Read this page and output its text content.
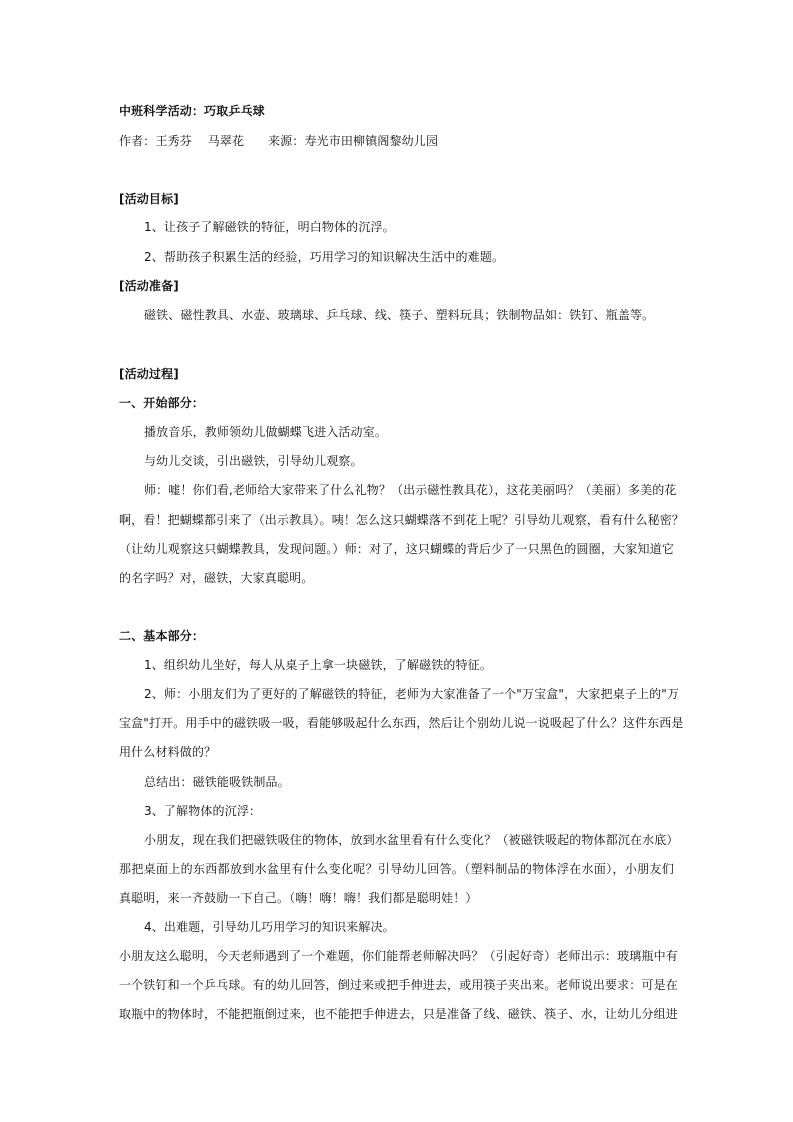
中班科学活动：巧取乒乓球
作者：王秀芬    马翠花      来源：寿光市田柳镇阁黎幼儿园
[活动目标]
1、让孩子了解磁铁的特征，明白物体的沉浮。
2、帮助孩子积累生活的经验，巧用学习的知识解决生活中的难题。
[活动准备]
磁铁、磁性教具、水壶、玻璃球、乒乓球、线、筷子、塑料玩具；铁制物品如：铁钉、瓶盖等。
[活动过程]
一、开始部分：
播放音乐，教师领幼儿做蝴蝶飞进入活动室。
与幼儿交谈，引出磁铁，引导幼儿观察。
师：嘘！你们看,老师给大家带来了什么礼物？（出示磁性教具花），这花美丽吗？（美丽）多美的花
啊，看！把蝴蝶都引来了（出示教具）。咦！怎么这只蝴蝶落不到花上呢？引导幼儿观察，看有什么秘密？
（让幼儿观察这只蝴蝶教具，发现问题。）师：对了，这只蝴蝶的背后少了一只黑色的圆圈，大家知道它
的名字吗？对，磁铁，大家真聪明。
二、基本部分：
1、组织幼儿坐好，每人从桌子上拿一块磁铁，了解磁铁的特征。
2、师：小朋友们为了更好的了解磁铁的特征，老师为大家准备了一个"万宝盒"，大家把桌子上的"万
宝盒"打开。用手中的磁铁吸一吸，看能够吸起什么东西，然后让个别幼儿说一说吸起了什么？这件东西是
用什么材料做的？
总结出：磁铁能吸铁制品。
3、了解物体的沉浮：
小朋友，现在我们把磁铁吸住的物体，放到水盆里看有什么变化？（被磁铁吸起的物体都沉在水底）
那把桌面上的东西都放到水盆里有什么变化呢？引导幼儿回答。（塑料制品的物体浮在水面），小朋友们
真聪明，来一齐鼓励一下自己。（嗨！嗨！嗨！我们都是聪明娃！）
4、出难题，引导幼儿巧用学习的知识来解决。
小朋友这么聪明，今天老师遇到了一个难题，你们能帮老师解决吗？（引起好奇）老师出示：玻璃瓶中有
一个铁钉和一个乒乓球。有的幼儿回答，倒过来或把手伸进去，或用筷子夹出来。老师说出要求：可是在
取瓶中的物体时，不能把瓶倒过来，也不能把手伸进去，只是准备了线、磁铁、筷子、水，让幼儿分组进
